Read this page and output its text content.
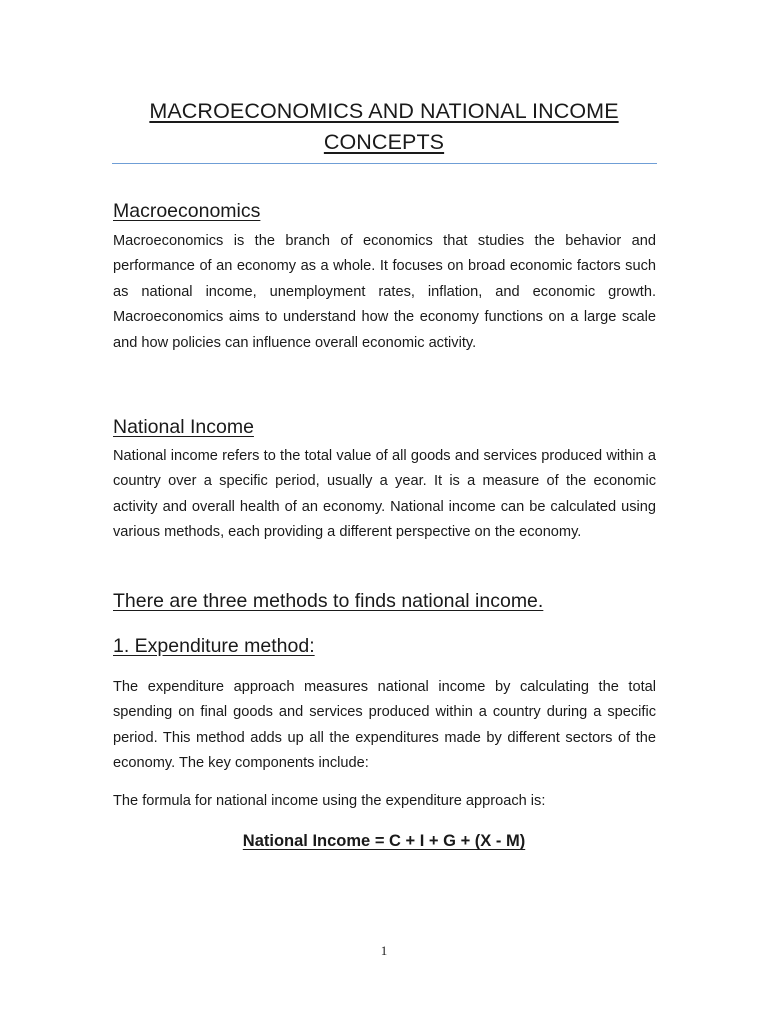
MACROECONOMICS AND NATIONAL INCOME CONCEPTS
Macroeconomics
Macroeconomics is the branch of economics that studies the behavior and performance of an economy as a whole. It focuses on broad economic factors such as national income, unemployment rates, inflation, and economic growth. Macroeconomics aims to understand how the economy functions on a large scale and how policies can influence overall economic activity.
National Income
National income refers to the total value of all goods and services produced within a country over a specific period, usually a year. It is a measure of the economic activity and overall health of an economy. National income can be calculated using various methods, each providing a different perspective on the economy.
There are three methods to finds national income.
1. Expenditure method:
The expenditure approach measures national income by calculating the total spending on final goods and services produced within a country during a specific period. This method adds up all the expenditures made by different sectors of the economy. The key components include:
The formula for national income using the expenditure approach is:
National Income = C + I + G + (X - M)
1
